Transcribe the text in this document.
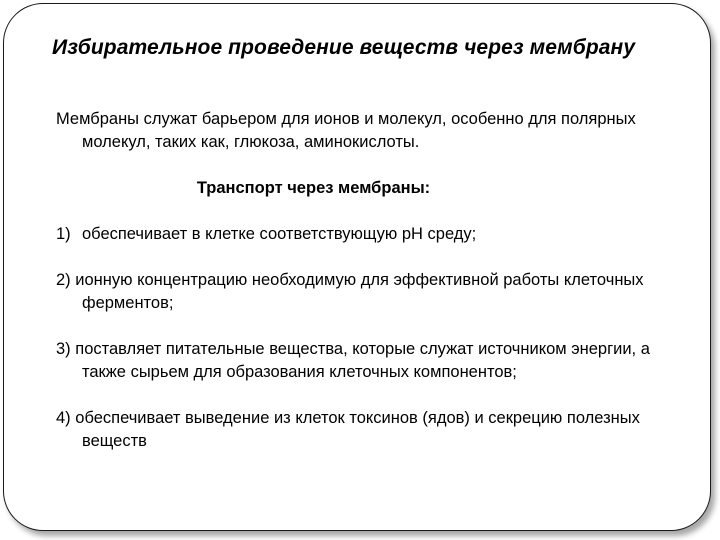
Избирательное проведение веществ через мембрану

Мембраны служат барьером для ионов и молекул, особенно для полярных молекул, таких как, глюкоза, аминокислоты.

Транспорт через мембраны:

1) обеспечивает в клетке соответствующую pH среду;

2) ионную концентрацию необходимую для эффективной работы клеточных ферментов;

3) поставляет питательные вещества, которые служат источником энергии, а также сырьем для образования клеточных компонентов;

4) обеспечивает выведение из клеток токсинов (ядов) и секрецию полезных веществ
